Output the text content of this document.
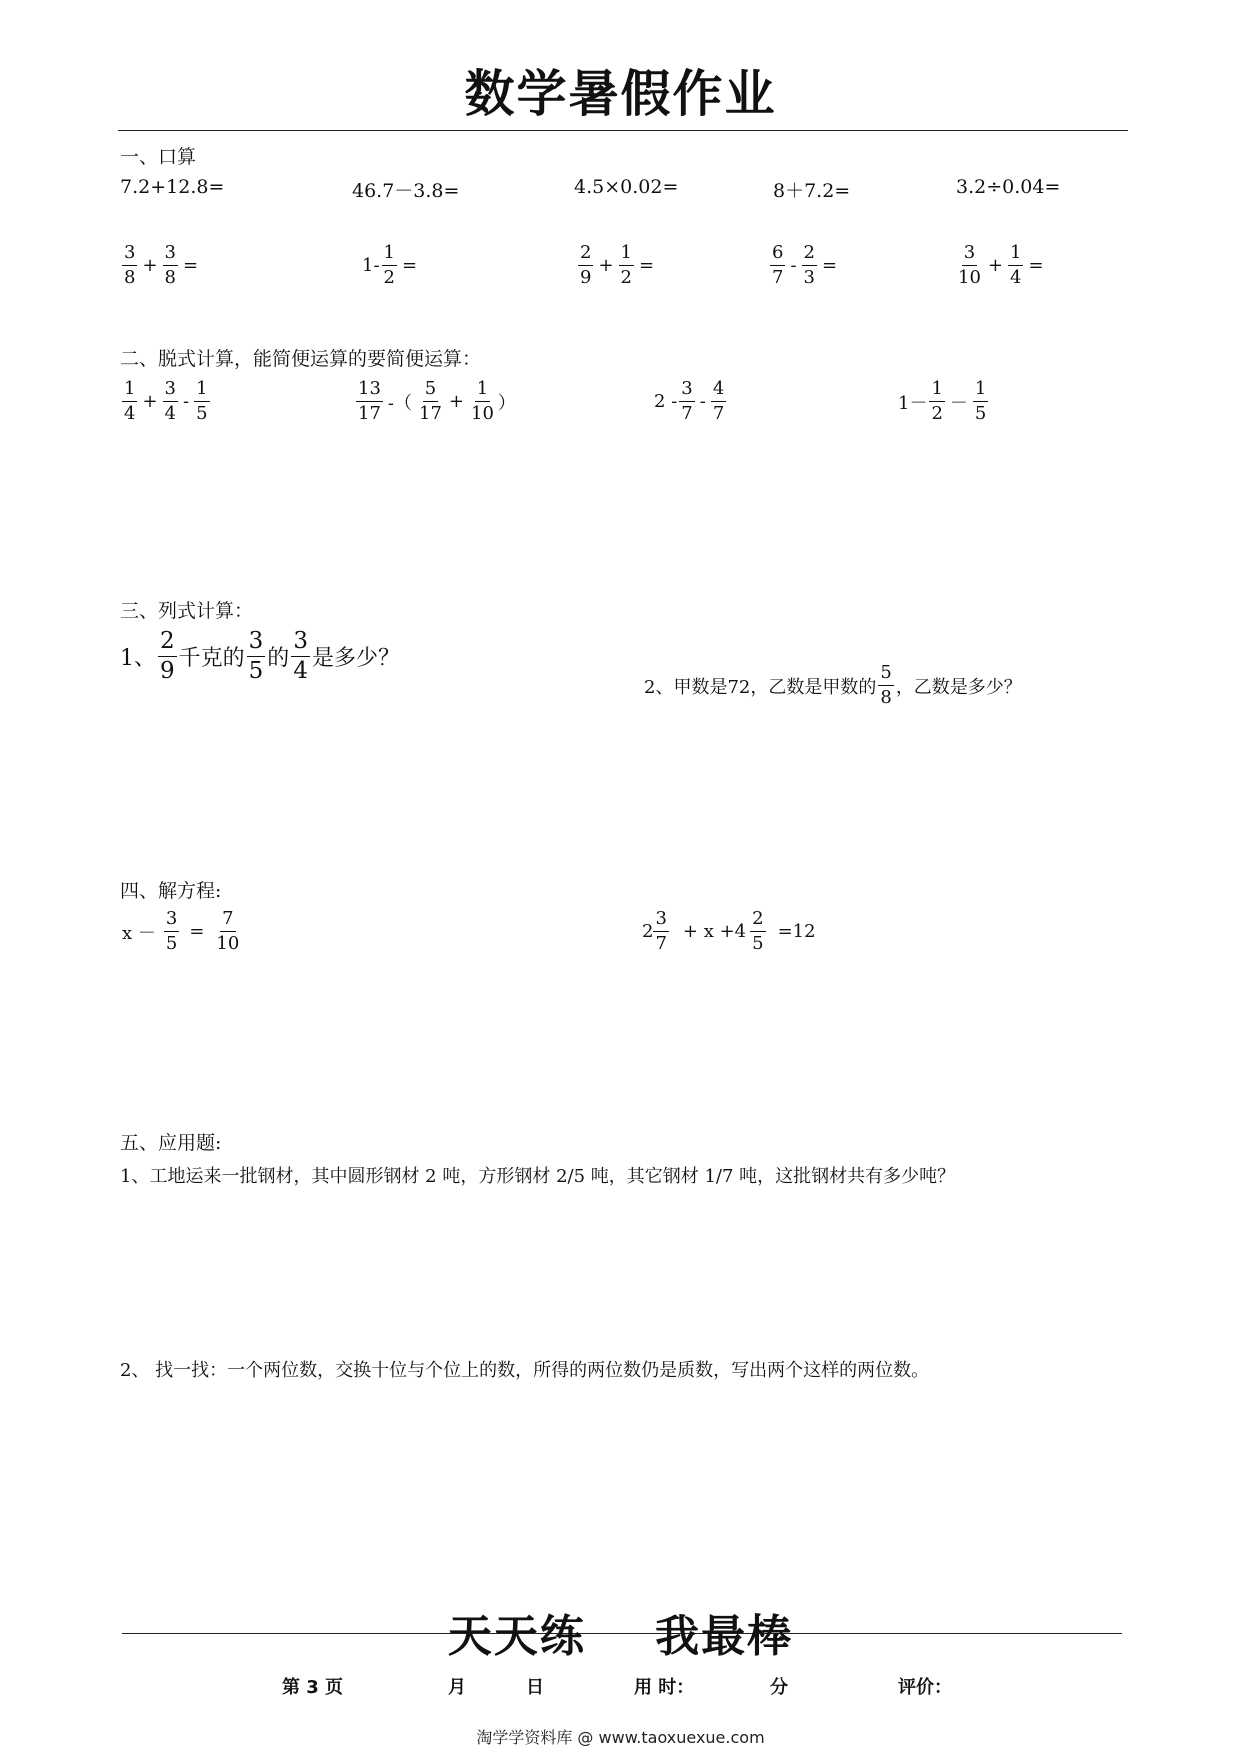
数学暑假作业
一、口算
7.2+12.8=	46.7－3.8=	4.5×0.02=	8＋7.2=	3.2÷0.04=
$\frac{3}{8} + \frac{3}{8}$ =	$1- \frac{1}{2}$ =	$\frac{2}{9} + \frac{1}{2}$ =	$\frac{6}{7} - \frac{2}{3}$ =	$\frac{3}{10} + \frac{1}{4}$ =
二、脱式计算，能简便运算的要简便运算：
$\frac{1}{4} + \frac{3}{4} - \frac{1}{5}$	$\frac{13}{17}$ -（ $\frac{5}{17} + \frac{1}{10}$ ）	$2 - \frac{3}{7} - \frac{4}{7}$	$1- \frac{1}{2} - \frac{1}{5}$
三、列式计算：
1、 $\frac{2}{9}$ 千克的 $\frac{3}{5}$ 的 $\frac{3}{4}$ 是多少？
2、甲数是72，乙数是甲数的 $\frac{5}{8}$ ，乙数是多少？
四、解方程:
$x - \frac{3}{5} = \frac{7}{10}$	$2 \frac{3}{7} + x +4 \frac{2}{5} =12$
五、应用题:
1、工地运来一批钢材，其中圆形钢材 2 吨，方形钢材 2/5 吨，其它钢材 1/7 吨，这批钢材共有多少吨？
2、 找一找：一个两位数，交换十位与个位上的数，所得的两位数仍是质数，写出两个这样的两位数。
天天练    我最棒
第 3 页	月	日	用 时：	分	评价：
淘学学资料库 @ www.taoxuexue.com
